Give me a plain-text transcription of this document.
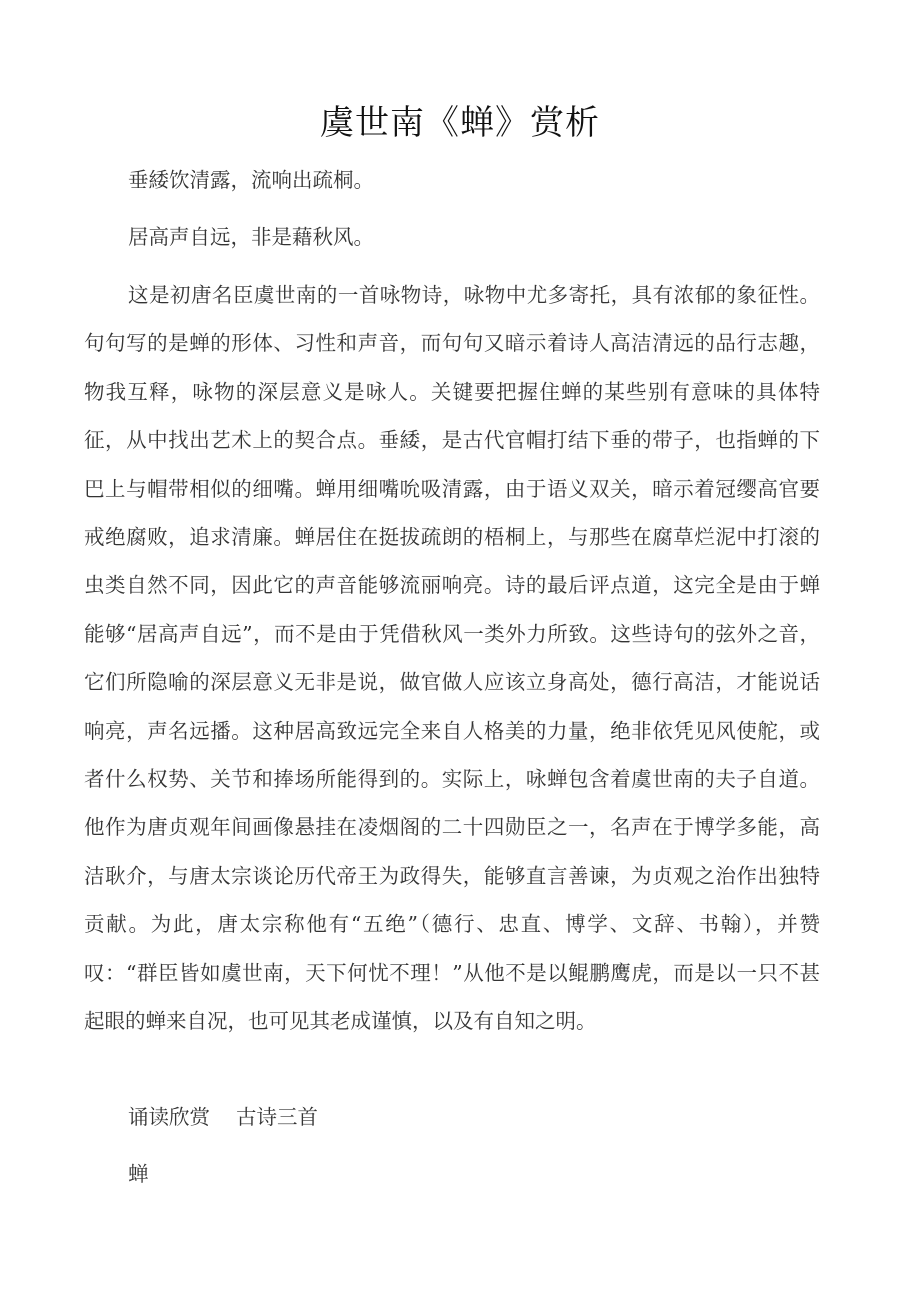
虞世南《蝉》赏析

垂緌饮清露，流响出疏桐。

居高声自远，非是藉秋风。

这是初唐名臣虞世南的一首咏物诗，咏物中尤多寄托，具有浓郁的象征性。句句写的是蝉的形体、习性和声音，而句句又暗示着诗人高洁清远的品行志趣，物我互释，咏物的深层意义是咏人。关键要把握住蝉的某些别有意味的具体特征，从中找出艺术上的契合点。垂緌，是古代官帽打结下垂的带子，也指蝉的下巴上与帽带相似的细嘴。蝉用细嘴吮吸清露，由于语义双关，暗示着冠缨高官要戒绝腐败，追求清廉。蝉居住在挺拔疏朗的梧桐上，与那些在腐草烂泥中打滚的虫类自然不同，因此它的声音能够流丽响亮。诗的最后评点道，这完全是由于蝉能够“居高声自远”，而不是由于凭借秋风一类外力所致。这些诗句的弦外之音，它们所隐喻的深层意义无非是说，做官做人应该立身高处，德行高洁，才能说话响亮，声名远播。这种居高致远完全来自人格美的力量，绝非依凭见风使舵，或者什么权势、关节和捧场所能得到的。实际上，咏蝉包含着虞世南的夫子自道。他作为唐贞观年间画像悬挂在凌烟阁的二十四勋臣之一，名声在于博学多能，高洁耿介，与唐太宗谈论历代帝王为政得失，能够直言善谏，为贞观之治作出独特贡献。为此，唐太宗称他有“五绝”（德行、忠直、博学、文辞、书翰），并赞叹：“群臣皆如虞世南，天下何忧不理！”从他不是以鲲鹏鹰虎，而是以一只不甚起眼的蝉来自况，也可见其老成谨慎，以及有自知之明。

诵读欣赏 古诗三首

蝉
